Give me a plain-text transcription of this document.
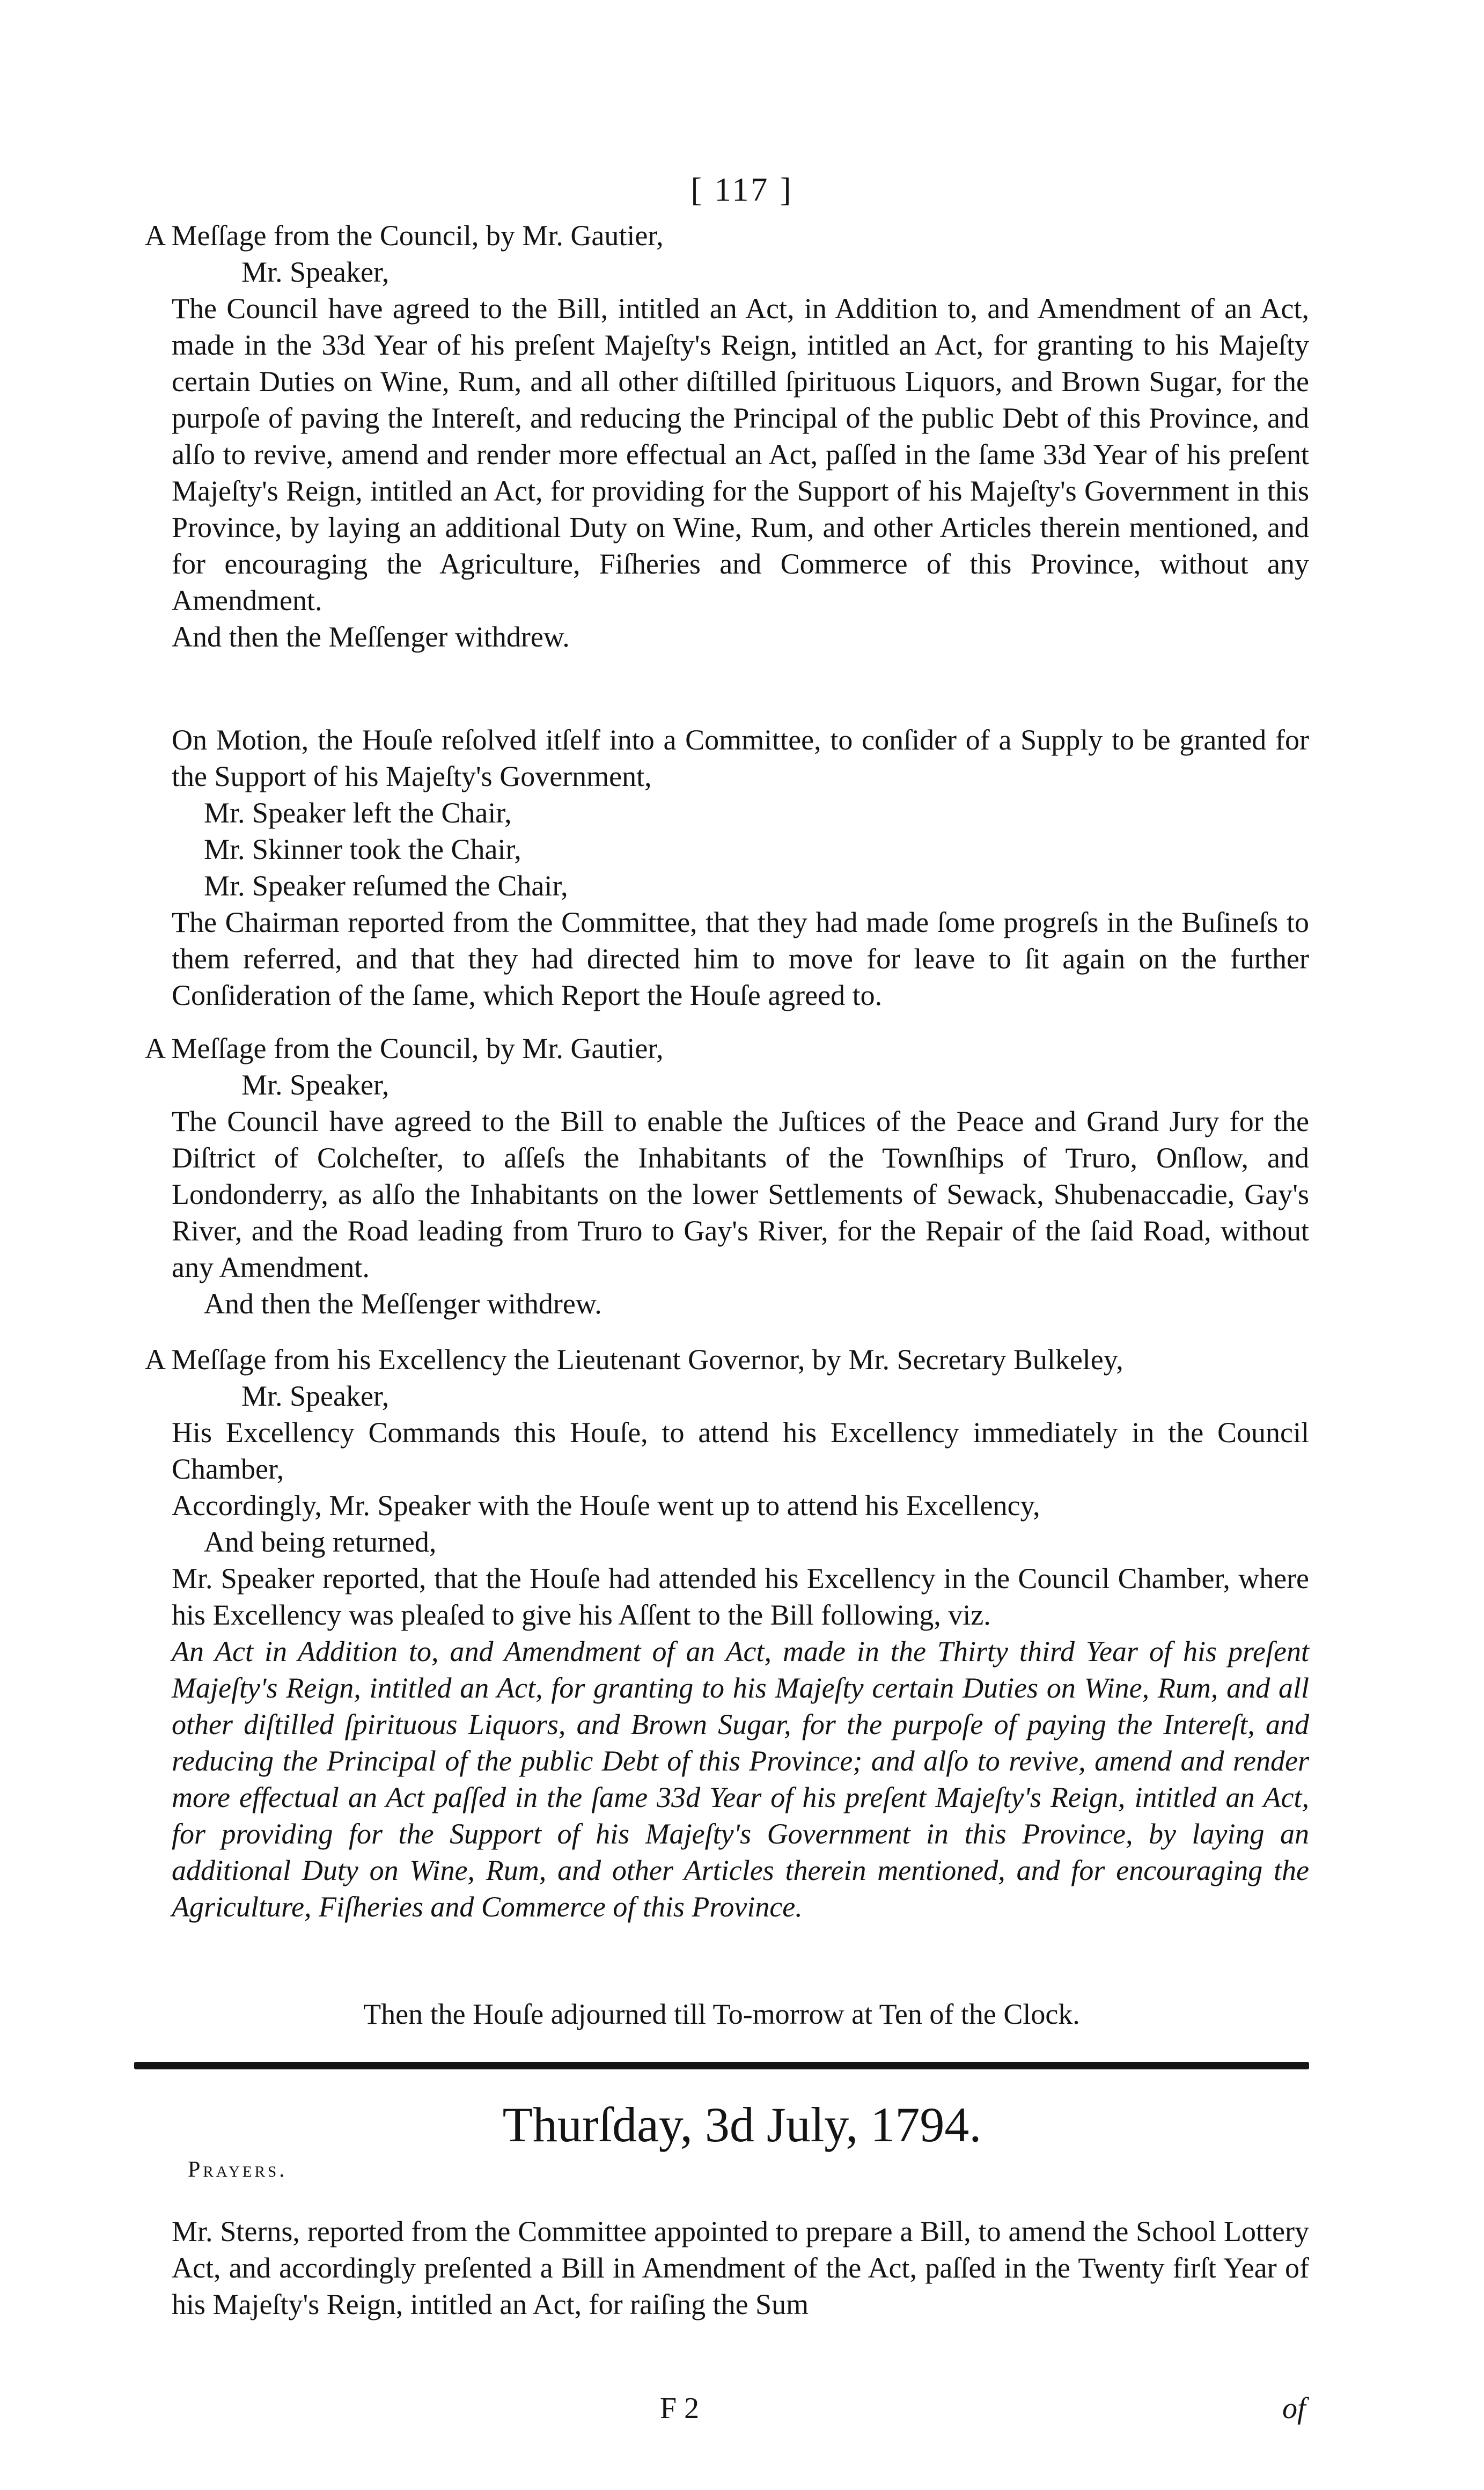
[ 117 ]

A Meſſage from the Council, by Mr. Gautier,

Mr. Speaker,

The Council have agreed to the Bill, intitled an Act, in Addition to, and Amendment of an Act, made in the 33d Year of his preſent Majeſty's Reign, intitled an Act, for granting to his Majeſty certain Duties on Wine, Rum, and all other diſtilled ſpirituous Liquors, and Brown Sugar, for the purpoſe of paving the Intereſt, and reducing the Principal of the public Debt of this Province, and alſo to revive, amend and render more effectual an Act, paſſed in the ſame 33d Year of his preſent Majeſty's Reign, intitled an Act, for providing for the Support of his Majeſty's Government in this Province, by laying an additional Duty on Wine, Rum, and other Articles therein mentioned, and for encouraging the Agriculture, Fiſheries and Commerce of this Province, without any Amendment.

And then the Meſſenger withdrew.

On Motion, the Houſe reſolved itſelf into a Committee, to conſider of a Supply to be granted for the Support of his Majeſty's Government,

Mr. Speaker left the Chair,

Mr. Skinner took the Chair,

Mr. Speaker reſumed the Chair,

The Chairman reported from the Committee, that they had made ſome progreſs in the Buſineſs to them referred, and that they had directed him to move for leave to ſit again on the further Conſideration of the ſame, which Report the Houſe agreed to.

A Meſſage from the Council, by Mr. Gautier,

Mr. Speaker,

The Council have agreed to the Bill to enable the Juſtices of the Peace and Grand Jury for the Diſtrict of Colcheſter, to aſſeſs the Inhabitants of the Townſhips of Truro, Onſlow, and Londonderry, as alſo the Inhabitants on the lower Settlements of Sewack, Shubenaccadie, Gay's River, and the Road leading from Truro to Gay's River, for the Repair of the ſaid Road, without any Amendment.

And then the Meſſenger withdrew.

A Meſſage from his Excellency the Lieutenant Governor, by Mr. Secretary Bulkeley,

Mr. Speaker,

His Excellency Commands this Houſe, to attend his Excellency immediately in the Council Chamber,

Accordingly, Mr. Speaker with the Houſe went up to attend his Excellency,

And being returned,

Mr. Speaker reported, that the Houſe had attended his Excellency in the Council Chamber, where his Excellency was pleaſed to give his Aſſent to the Bill following, viz.

An Act in Addition to, and Amendment of an Act, made in the Thirty third Year of his preſent Majeſty's Reign, intitled an Act, for granting to his Majeſty certain Duties on Wine, Rum, and all other diſtilled ſpirituous Liquors, and Brown Sugar, for the purpoſe of paying the Intereſt, and reducing the Principal of the public Debt of this Province; and alſo to revive, amend and render more effectual an Act paſſed in the ſame 33d Year of his preſent Majeſty's Reign, intitled an Act, for providing for the Support of his Majeſty's Government in this Province, by laying an additional Duty on Wine, Rum, and other Articles therein mentioned, and for encouraging the Agriculture, Fiſheries and Commerce of this Province.

Then the Houſe adjourned till To-morrow at Ten of the Clock.

Thurſday, 3d July, 1794.
Prayers.

Mr. Sterns, reported from the Committee appointed to prepare a Bill, to amend the School Lottery Act, and accordingly preſented a Bill in Amendment of the Act, paſſed in the Twenty firſt Year of his Majeſty's Reign, intitled an Act, for raiſing the Sum

F 2	of
